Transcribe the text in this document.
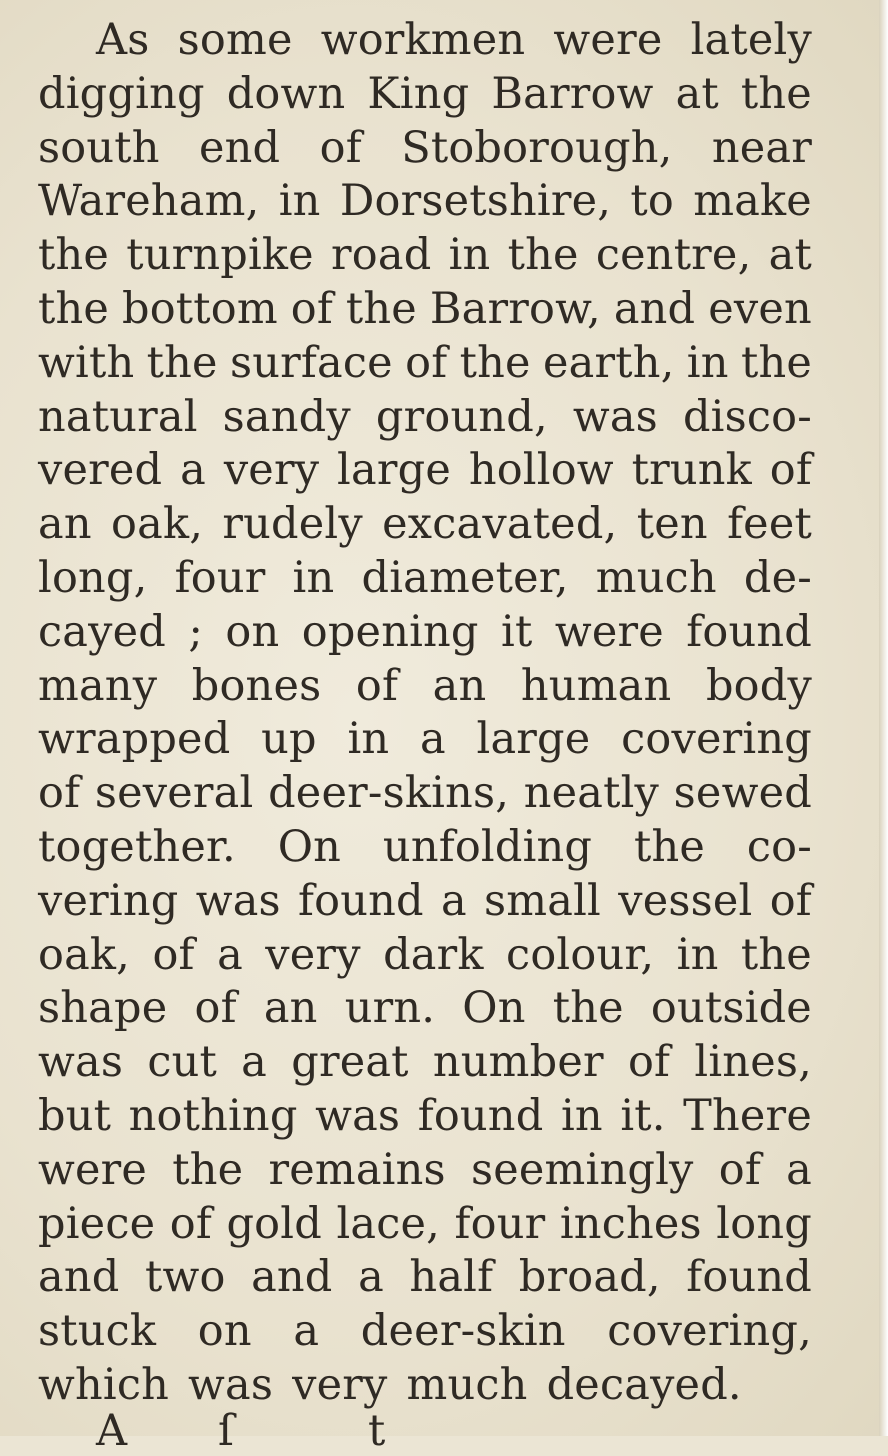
As some workmen were lately
digging down King Barrow at the
south end of Stoborough, near
Wareham, in Dorsetshire, to make
the turnpike road in the centre, at
the bottom of the Barrow, and even
with the surface of the earth, in the
natural sandy ground, was disco-
vered a very large hollow trunk of
an oak, rudely excavated, ten feet
long, four in diameter, much de-
cayed ; on opening it were found
many bones of an human body
wrapped up in a large covering
of several deer-skins, neatly sewed
together. On unfolding the co-
vering was found a small vessel of
oak, of a very dark colour, in the
shape of an urn. On the outside
was cut a great number of lines,
but nothing was found in it. There
were the remains seemingly of a
piece of gold lace, four inches long
and two and a half broad, found
stuck on a deer-skin covering,
which was very much decayed.
A ſ	t
